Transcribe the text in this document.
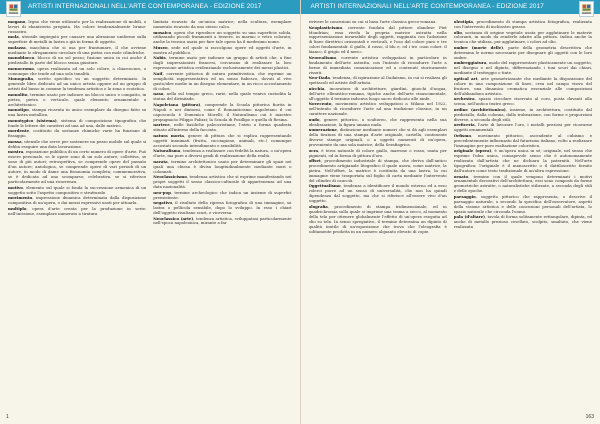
ARTISTI INTERNAZIONALI NELL'ARTE CONTEMPORANEA - EDIZIONE 2017

mogano, legno che viene utilizzato per la realizzazione di mobili, o lavori di ebanisteria pregiata. Ha colore tendenzialmente bruno-rossastro.

mola, utensile impiegato per causare una abrasione uniforme sulla superficie di metalli in lastra o già in forma di oggetto.

molazza, macchina che si usa per frantumare, il che avviene mediante lo sfregamento circolare di una pietra con mole cilindriche.

monoblocco, blocco di un sol pezzo; fusione unica in cui anche il piedistallo fa parte del blocco senza giunture.

monocromo, opera realizzata ad un solo colore, a chiaroscuro, o comunque che tende ad una sola tonalità.

Monografia, scritto specifico su un soggetto determinato. In generale libro dedicato ad un unico artista oppure ad un gruppo di artisti dal basso in comune la tendenza artistica o la zona o ecoistica.

monolito, termine usato per indicare un blocco unico e compatto, in pietra, pietra o verticale, quale elemento ornamentale o architettonico.

monotipo, stampa ricavata in unico esemplare da disegno fatto su una lastra metallica.

monotypico (sistema), sistema di composizione tipografica che fonde le lettere dei caratteri ad una ad una, dalle matrici.

mordente, costituito da sostanze chimiche varie ha funzione di fissaggio.

mossa, utensile che serve per sostenere un pezzo mobile sul quale si debba eseguire una data lavorazione.

mostra, esposizione pubblica di un certo numero di opere d'arte. Può essere personale, se le opere sono di un solo autore; collettiva, se sono di più autori; retrospettiva, se comprende opere del passato d'un autore; antologica, se comprende opere di vari periodi di un autore, in modo di dame una fisionomia completa; commemorativa, se è dedicata ad uno scomparso; celebrativa, se si riferisce particolarmente ad una ricorrenza.

motivo, elemento sul quale si fonda la successione armonica di un soggetto sotto l'aspetto compositivo e strutturale.

movimento, impressione dinamica determinata dalla disposizione compositiva di un'opera, o dai mezzi espressivi usati per attuarla.

multiplo, opera d'arte creata per la produzione in serie: nell'incisione, esemplare numerato a tiratura

limitata ricavato da un'unica matrice; nella scultura, esemplare numerato ricavato da uno stesso calco.

mosaico, opera che riproduce un soggetto su una superficie solida, utilizzando piccoli frammenti a tessere, in marmo o vetro colorato; anche la tecnica usata per fare tale opera ha il medesimo nome.

Museo, sede nel quale si raccolgono opere ed oggetti d'arte, in mostra al pubblico.

Nabis, termine usato per indicare un gruppo di artisti che, a fine dagli impressionisti francesi, cercavano di realizzare la loro espressione artistica evidenziando esclusivamente dei mezzi plastici.

Naif, corrente pittorica di natura primitivistica, che esprime un semplicità rappresentativa ed un senso fiabesco, dovuti al vivo gusto/idee medie in un disegno elementare, in un ricco accostamento di colori.

naso, nella sul tempio greco, rarie, nella quale veniva custodita la statua del divinitade.

Napoletana (pittura), comprende la Scuola pittorica fiorita in Napoli e nei dintorni, come il Romanticismo napoletano il cui caposcuola è Domenico Morelli; il Naturalismo cui è maestro propugnacio Filippo Palizzi; la Scuola di Posillipo e quella di Resina.

nartece, nelle basiliche paleocristiane, l'atrio a forma quadrata situato all'interno della facciata.

natura morta, genere di pittura che si esplica rappresentando oggetti inanimati (frutta, cacciagione, animali, etc.) comunque accostati secondo intendimento e sensibilità.

Naturalismo, tendenza a realizzare con fedeltà la natura, o un'opera d'arte, ma pure a diversi gradi di realizzazione della realtà.

navata, termine architettonico usato per determinare gli spazi nei quali una chiesa è divisa longitudinalmente mediante muri o colonnati.

Neoclassicismo, tendenza artistica che si esprime manifestando nei propri soggetti il senso classico-culturale di appartenenza ad una data nazionalità.

neo-pop, termine archeologico che indica un insieme di superfici preesistente.

negativo, il risultato della ripresa fotografica di una immagine, su lastra o pellicola sensibile, dopo lo sviluppo. In esso i chiari dell'oggetto risultano scuri, e viceversa.

Neoclassico (arte), tendenza artistica, sviluppatasi particolarmente nell'epoca napoleonica, mirante a far

1
ARTISTI INTERNAZIONALI NELL'ARTE CONTEMPORANEA - EDIZIONE 2017

rivivere le concezioni su cui si basa l'arte classica greco-romana.

Neoplasticismo, corrente fondata dal pittore olandese Piet Mondrian; essa rivela la propria matrice astratta nella rappresentazione invariabile degli oggetti, raggiunta con l'adozione di linee direttrici orizzontali e verticali, e l'uso dal colore puro e tre colori fondamentali: il giallo, il rosso, il blu e, ed i tre «non colori: il bianco, il grigio ed il nero».

Neorealismo, corrente artistica sviluppatasi in particolare in fondamento dell'arte astratta, con l'intento di ricondurre l'arte a forme di immediata comunicazione ed a contenuti storicamente vissuti.

Neo-Dada, tendenza, di ispirazione al Dadaismo, in cui si realizza gli spettacoli ed artiste dell'artista.

nicchia, incavatura di architetture, giardini, giuochi d'acqua, dell'arte ellenistico-romana, tipiche anche dell'arte rinascimentale, all'oggetto il termine indicava luogo sacro dedicato alle ninfe.

Novecento, movimento artistico sviluppatosi a Milano nel 1922, nell'intento di ricondurre l'arte ad una tradizione classica, in un carattere nazionale.

nudo, genere pittorico, o scultoreo, che rappresenta nella sua idealizzazione, la figura umana nuda.

numerazione, distinzione mediante numeri che si dà agli esemplari della tiratura di una stampa d'arte originale, cartella, contenente diverse stampe originali, o a oggetti numerati di un'opera, proveniente da una sola matrice, della Serafiagrica.

ocra, è terra naturale di colore giallo, marrone o rosso, usata per pigmenti, ed in forma di pittura d'oro.

offset, procedimento industriale di stampa, che deriva dall'antico procedimento artigianale litografico il quale usava, come matrice, la pietra. Nell'offset, la matrice è costituita da una lastra, la cui immagine viene trasportata sul foglio di carta mediante l'intervento del cilindro di caucciù.

Oggettualismo, tendenza a identificare il mondo esterno ed a esso volerci porre ad un senso di universalità, che non ha quindi dipendenza dal soggetto, ma che si riferisce all'essere vivo d'un soggetto.

olografia, procedimento di stampa tridimensionale, ed in quadrichromia sulla quale si imprime una trama a secco, al momento della tela per ottenere globalmente l'effetto di un'opera eseguita ad olio su tela. In senso spregiativo, il termine determina un dipinto di qualità inutile di un'esposizione che trova che l'oleografia è solitamente prodotta in un numero alquanto elevato di copie.

oleotipia, procedimento di stampa artistica fotografica, realizzata con l'intervento di inchiostro grasso.

olio, sostanza di origine vegetale usata per agglutinare le materie coloranti, in modo da renderle adatte alla pittura. Indica anche la tecnica che utilizza, per agglutinare, i colori ad olio.

ombre (morte delle), parte della geometria descrittiva che determina le norme necessarie per disegnare gli oggetti con le loro ombre.

ombreggiatura, modo del rappresentare plasticamente un soggetto, nel disegno o nel dipinto, differenziando i toni scuri dai chiari, mediante il tratteggio o tinte.

optical art, arte geometrizzante che mediante la disposizione del colore in una composizione di linee, crea nel campo visivo del fruitore, una dinamica cromatica essenziale alle composizioni dell'abbandono artistico.

orchestra, spazio circolare riservato al coro, posta davanti alla scena, nell'antico teatro greco.

ordine (architettonico), insieme, in architettura, costituito dal piedistallo, dalla colonna, dalla trabeazione, con forme e proporzioni diverse, a seconda degli stili.

oreficeria, l'arte di lavorare l'oro, i metalli preziosi per ricavarne oggetti ornamentali.

Orfismo, movimento pittorico, ascendente al cubismo e precedentemente influenzato dal futurismo italiano, volto a realizzare l'immagine per puro esaltazione coloristica.

originale (opera), è un'opera unica in sé; originale, nel senso che esprime l'idea unica, consapevole senso che è autonomamente realizzata dall'artista che ne dichiara la paternità. Nell'arte tipografica: l'originale è il manoscritto o il dattiloscritto fornito dall'autore come testo tradizionale di un'altra espressione.

ornato, termine con il quale vengono determinati i motivi ornamentali decorativi dell'architettura; essi sono composti da forme geometriche astratte, o naturalistiche stilizzate, a seconda degli stili e delle epoche.

paesaggio, soggetto pittorico che rappresenta, o descrive il paesaggio naturale, o secondo la specifica dell'osservatore, aspetti della visione artistica e delle concezioni personali dell'artista, lo spazio naturale che circonda l'uomo.

pala (d'altare), tavola di forma solitamente rettangolare, dipinta, ed anche di metallo prezioso cesellato, scolpito, smaltato, che viene realizzata

163
